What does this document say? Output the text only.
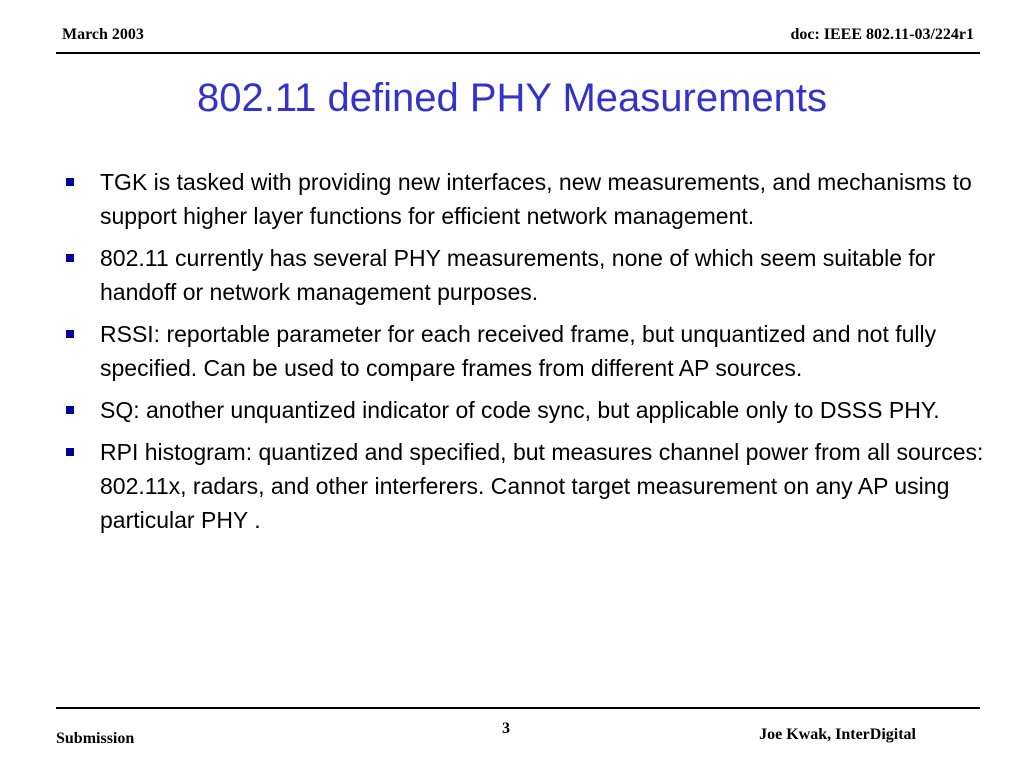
March 2003	doc: IEEE 802.11-03/224r1
802.11 defined PHY Measurements
TGK is tasked with providing new interfaces, new measurements, and mechanisms to support higher layer functions for efficient network management.
802.11 currently has several PHY measurements, none of which seem suitable for handoff or network management purposes.
RSSI: reportable parameter for each received frame, but unquantized and not fully specified. Can be used to compare frames from different AP sources.
SQ: another unquantized indicator of code sync, but applicable only to DSSS PHY.
RPI histogram: quantized and specified, but measures channel power from all sources: 802.11x, radars, and other interferers. Cannot target measurement on any AP using particular PHY .
Submission
3	Joe Kwak, InterDigital
